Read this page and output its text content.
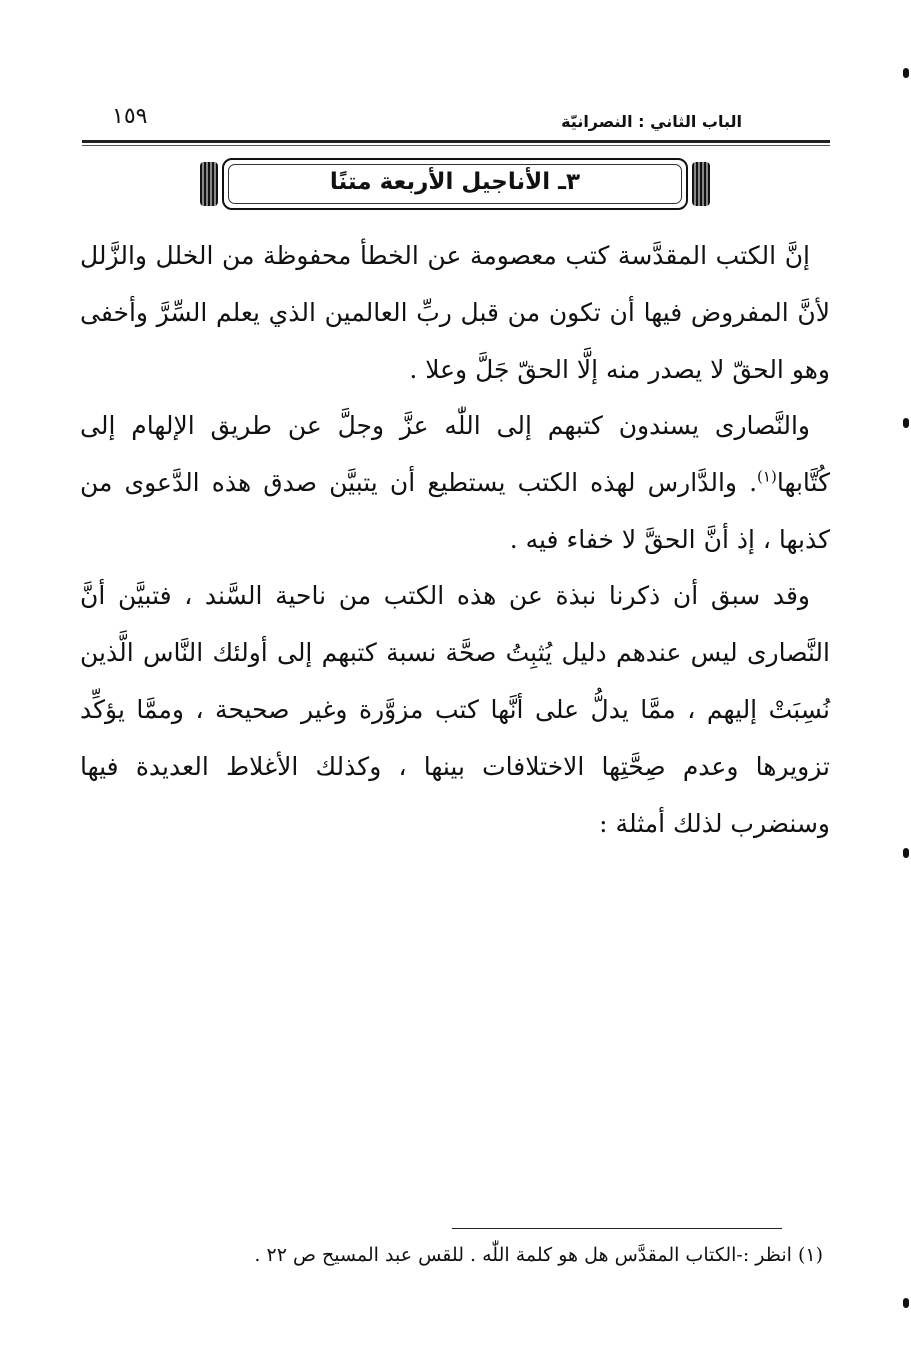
١٥٩	الباب الثاني : النصرانيّة
٣ـ الأناجيل الأربعة متنًا

إنَّ الكتب المقدَّسة كتب معصومة عن الخطأ محفوظة من الخلل والزَّلل لأنَّ المفروض فيها أن تكون من قبل ربِّ العالمين الذي يعلم السِّرَّ وأخفى وهو الحقّ لا يصدر منه إلَّا الحقّ جَلَّ وعلا .

والنَّصارى يسندون كتبهم إلى اللّٰه عزَّ وجلَّ عن طريق الإلهام إلى كُتَّابها$^{(١)}$. والدَّارس لهذه الكتب يستطيع أن يتبيَّن صدق هذه الدَّعوى من كذبها ، إذ أنَّ الحقَّ لا خفاء فيه .

وقد سبق أن ذكرنا نبذة عن هذه الكتب من ناحية السَّند ، فتبيَّن أنَّ النَّصارى ليس عندهم دليل يُثبِتُ صحَّة نسبة كتبهم إلى أولئك النَّاس الَّذين نُسِبَتْ إليهم ، ممَّا يدلُّ على أنَّها كتب مزوَّرة وغير صحيحة ، وممَّا يؤكِّد تزويرها وعدم صِحَّتِها الاختلافات بينها ، وكذلك الأغلاط العديدة فيها وسنضرب لذلك أمثلة :

(١) انظر :-الكتاب المقدَّس هل هو كلمة اللّٰه . للقس عبد المسيح ص ٢٢ .
